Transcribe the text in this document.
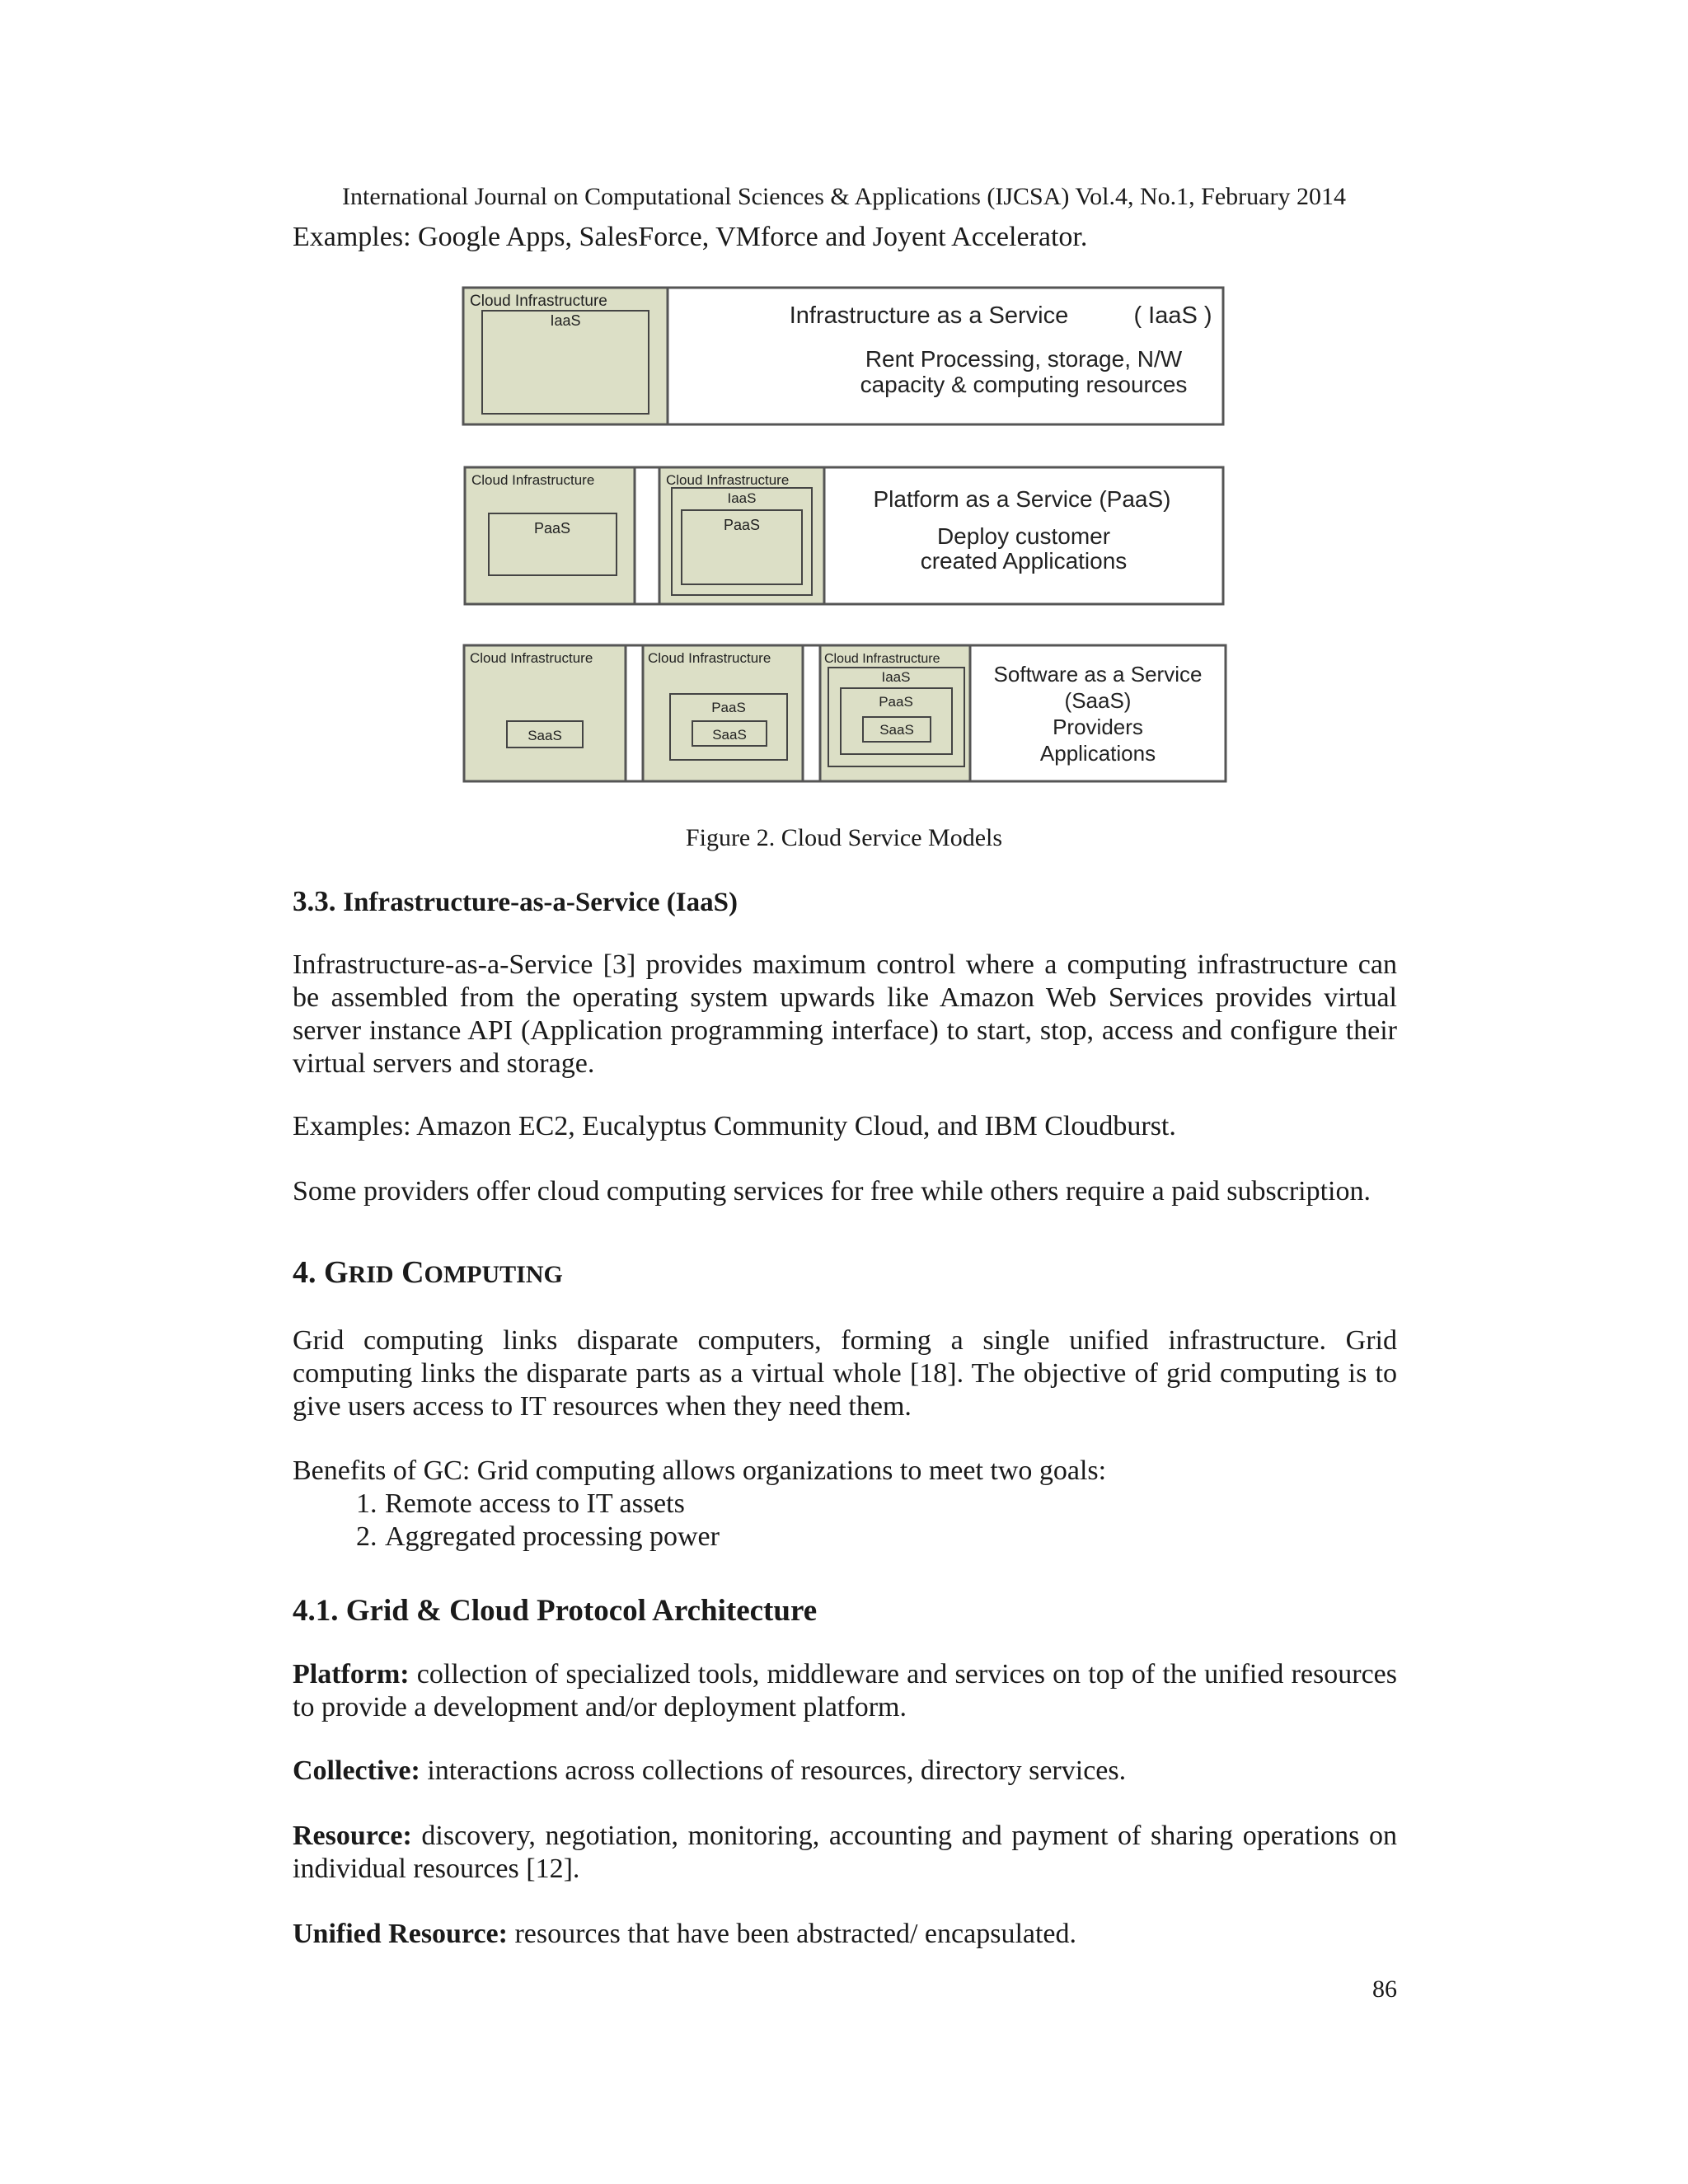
International Journal on Computational Sciences & Applications (IJCSA) Vol.4, No.1, February 2014
Examples: Google Apps, SalesForce, VMforce and Joyent Accelerator.
Cloud Infrastructure
IaaS	Infrastructure as a Service	( IaaS )
Rent Processing, storage, N/W
capacity & computing resources
Cloud Infrastructure
PaaS
Cloud Infrastructure
IaaS
PaaS
Platform as a Service (PaaS)
Deploy customer
created Applications
Cloud Infrastructure
SaaS
Cloud Infrastructure
PaaS
SaaS
Cloud Infrastructure
IaaS
PaaS
SaaS
Software as a Service
(SaaS)
Providers
Applications
Figure 2. Cloud Service Models
3.3. Infrastructure-as-a-Service (IaaS)
Infrastructure-as-a-Service [3] provides maximum control where a computing infrastructure can be assembled from the operating system upwards like Amazon Web Services provides virtual server instance API (Application programming interface) to start, stop, access and configure their virtual servers and storage.
Examples: Amazon EC2, Eucalyptus Community Cloud, and IBM Cloudburst.
Some providers offer cloud computing services for free while others require a paid subscription.
4. GRID COMPUTING
Grid computing links disparate computers, forming a single unified infrastructure. Grid computing links the disparate parts as a virtual whole [18]. The objective of grid computing is to give users access to IT resources when they need them.
Benefits of GC: Grid computing allows organizations to meet two goals:
1. Remote access to IT assets
2. Aggregated processing power
4.1. Grid & Cloud Protocol Architecture
Platform: collection of specialized tools, middleware and services on top of the unified resources to provide a development and/or deployment platform.
Collective: interactions across collections of resources, directory services.
Resource: discovery, negotiation, monitoring, accounting and payment of sharing operations on individual resources [12].
Unified Resource: resources that have been abstracted/ encapsulated.
86
